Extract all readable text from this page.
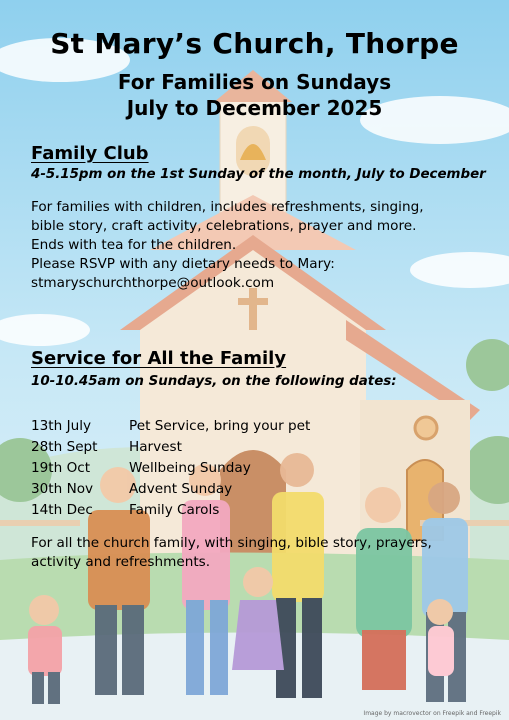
St Mary’s Church, Thorpe
For Families on Sundays
July to December 2025
Family Club
4-5.15pm on the 1st Sunday of the month, July to December
For families with children, includes refreshments, singing,
bible story, craft activity, celebrations, prayer and more.
Ends with tea for the children.
Please RSVP with any dietary needs to Mary:
stmaryschurchthorpe@outlook.com
Service for All the Family
10-10.45am on Sundays, on the following dates:
13th July	Pet Service, bring your pet
28th Sept	Harvest
19th Oct	Wellbeing Sunday
30th Nov	Advent Sunday
14th Dec	Family Carols
For all the church family, with singing, bible story, prayers,
activity and refreshments.
Image by macrovector on Freepik and Freepik
